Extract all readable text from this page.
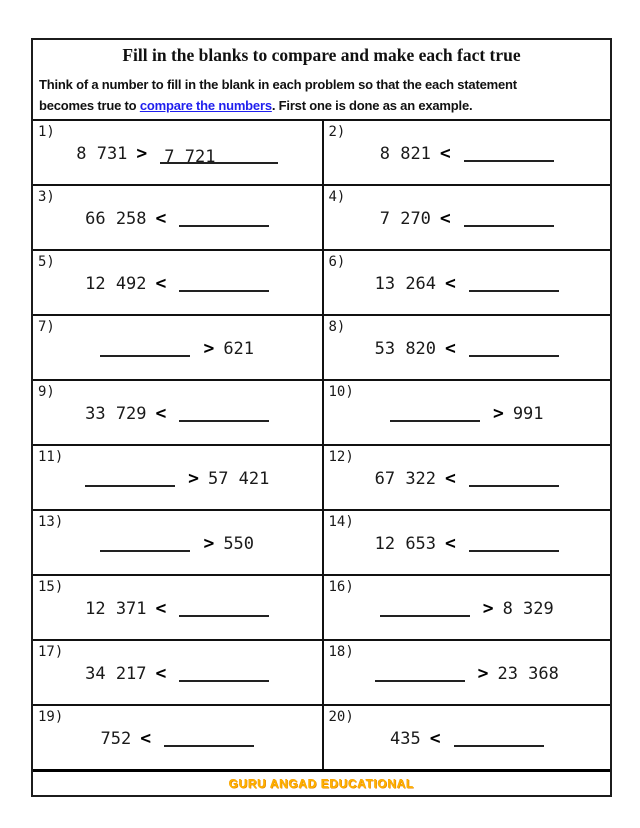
Fill in the blanks to compare and make each fact true
Think of a number to fill in the blank in each problem so that the each statement
becomes true to compare the numbers. First one is done as an example.
1)
8 731 > 7 721
2)
8 821 <
3)
66 258 <
4)
7 270 <
5)
12 492 <
6)
13 264 <
7)
> 621
8)
53 820 <
9)
33 729 <
10)
> 991
11)
> 57 421
12)
67 322 <
13)
> 550
14)
12 653 <
15)
12 371 <
16)
> 8 329
17)
34 217 <
18)
> 23 368
19)
752 <
20)
435 <
GURU ANGAD EDUCATIONAL
